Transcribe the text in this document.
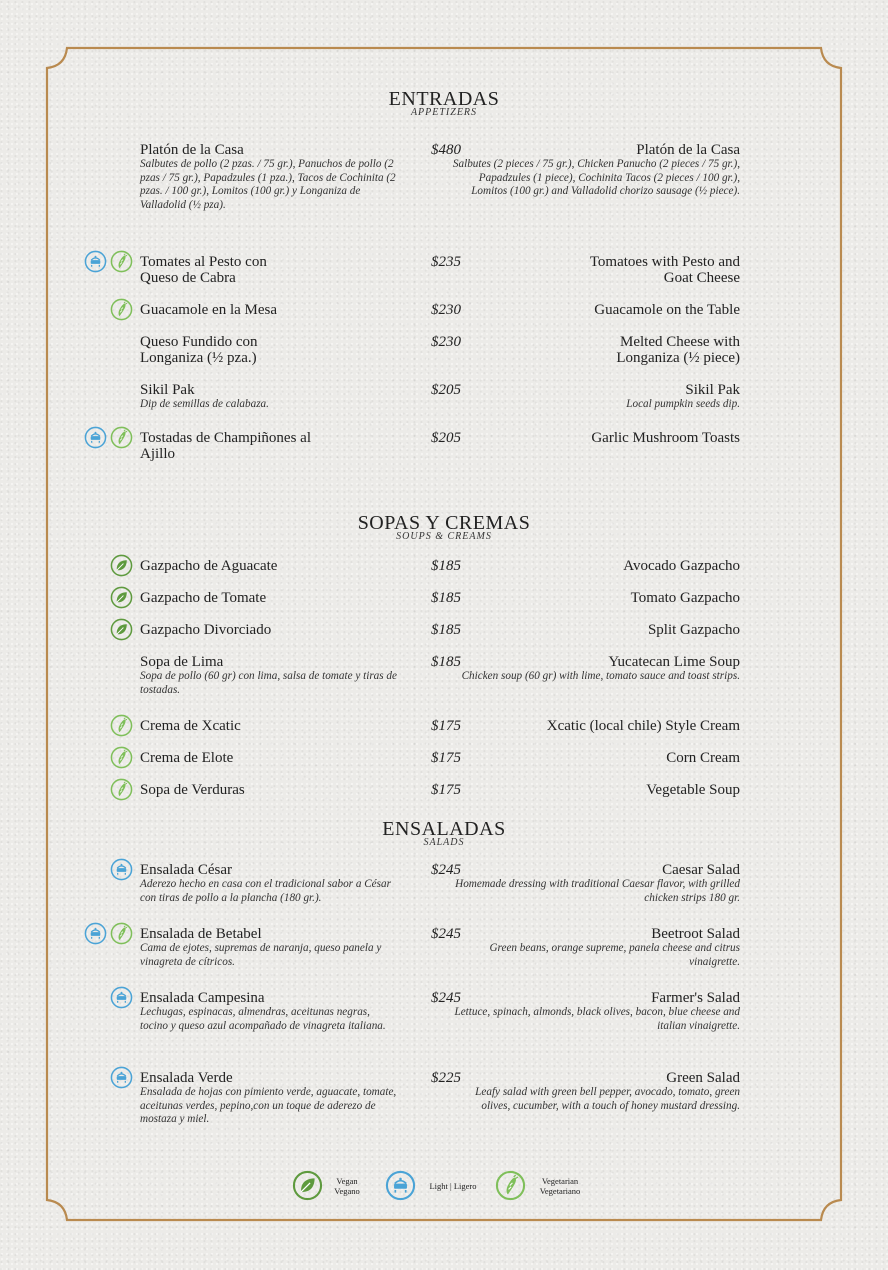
ENTRADAS
APPETIZERS
Platón de la Casa
Salbutes de pollo (2 pzas. / 75 gr.), Panuchos de pollo (2 pzas / 75 gr.), Papadzules (1 pza.), Tacos de Cochinita (2 pzas. / 100 gr.), Lomitos (100 gr.) y Longaniza de Valladolid (½ pza).
$480	Platón de la Casa
Salbutes (2 pieces / 75 gr.), Chicken Panucho (2 pieces / 75 gr.), Papadzules (1 piece), Cochinita Tacos (2 pieces / 100 gr.), Lomitos (100 gr.) and Valladolid chorizo sausage (½ piece).
Tomates al Pesto con Queso de Cabra
$235	Tomatoes with Pesto and Goat Cheese
Guacamole en la Mesa	$230	Guacamole on the Table
Queso Fundido con Longaniza (½ pza.)
$230	Melted Cheese with Longaniza (½ piece)
Sikil Pak
Dip de semillas de calabaza.
$205	Sikil Pak
Local pumpkin seeds dip.
Tostadas de Champiñones al Ajillo
$205	Garlic Mushroom Toasts
SOPAS Y CREMAS
SOUPS & CREAMS
Gazpacho de Aguacate	$185	Avocado Gazpacho
Gazpacho de Tomate	$185	Tomato Gazpacho
Gazpacho Divorciado	$185	Split Gazpacho
Sopa de Lima
Sopa de pollo (60 gr) con lima, salsa de tomate y tiras de tostadas.
$185	Yucatecan Lime Soup
Chicken soup (60 gr) with lime, tomato sauce and toast strips.
Crema de Xcatic	$175	Xcatic (local chile) Style Cream
Crema de Elote	$175	Corn Cream
Sopa de Verduras	$175	Vegetable Soup
ENSALADAS
SALADS
Ensalada César
Aderezo hecho en casa con el tradicional sabor a César con tiras de pollo a la plancha (180 gr.).
$245	Caesar Salad
Homemade dressing with traditional Caesar flavor, with grilled chicken strips 180 gr.
Ensalada de Betabel
Cama de ejotes, supremas de naranja, queso panela y vinagreta de cítricos.
$245	Beetroot Salad
Green beans, orange supreme, panela cheese and citrus vinaigrette.
Ensalada Campesina
Lechugas, espinacas, almendras, aceitunas negras, tocino y queso azul acompañado de vinagreta italiana.
$245	Farmer's Salad
Lettuce, spinach, almonds, black olives, bacon, blue cheese and italian vinaigrette.
Ensalada Verde
Ensalada de hojas con pimiento verde, aguacate, tomate, aceitunas verdes, pepino,con un toque de aderezo de mostaza y miel.
$225	Green Salad
Leafy salad with green bell pepper, avocado, tomato, green olives, cucumber, with a touch of honey mustard dressing.
Vegan
Vegano	Light | Ligero	Vegetarian
Vegetariano
